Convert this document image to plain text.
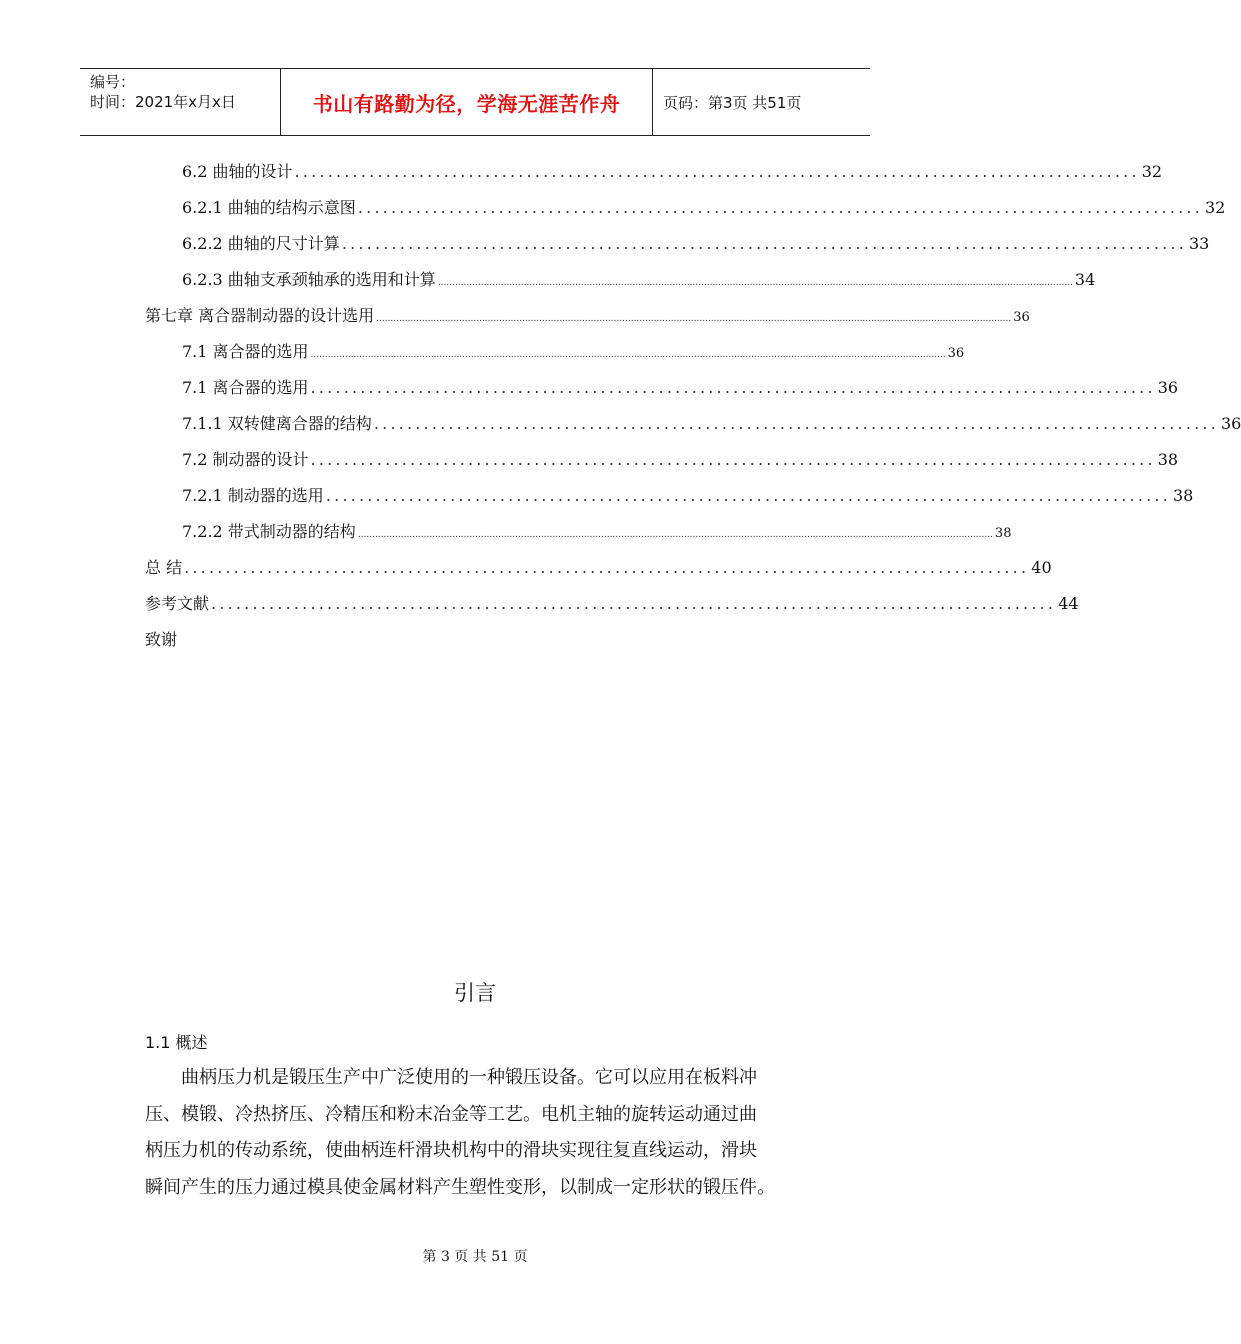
编号：
时间：2021年x月x日	书山有路勤为径，学海无涯苦作舟	页码：第3页 共51页
6.2 曲轴的设计 ...................................................................................................... 32
6.2.1 曲轴的结构示意图 ...................................................................................................... 32
6.2.2 曲轴的尺寸计算 ...................................................................................................... 33
6.2.3 曲轴支承颈轴承的选用和计算 .............................................................................................................................................................................................................................. 34
第七章 离合器制动器的设计选用 .............................................................................................................................................................................................................................. 36
7.1 离合器的选用 .............................................................................................................................................................................................................................. 36
7.1 离合器的选用 ...................................................................................................... 36
7.1.1 双转健离合器的结构 ...................................................................................................... 36
7.2 制动器的设计 ...................................................................................................... 38
7.2.1 制动器的选用 ...................................................................................................... 38
7.2.2 带式制动器的结构 .............................................................................................................................................................................................................................. 38
总 结 ...................................................................................................... 40
参考文献 ...................................................................................................... 44
致谢
引言
1.1 概述
曲柄压力机是锻压生产中广泛使用的一种锻压设备。它可以应用在板料冲
压、模锻、冷热挤压、冷精压和粉末冶金等工艺。电机主轴的旋转运动通过曲
柄压力机的传动系统，使曲柄连杆滑块机构中的滑块实现往复直线运动，滑块
瞬间产生的压力通过模具使金属材料产生塑性变形，以制成一定形状的锻压件。
第 3 页 共 51 页
